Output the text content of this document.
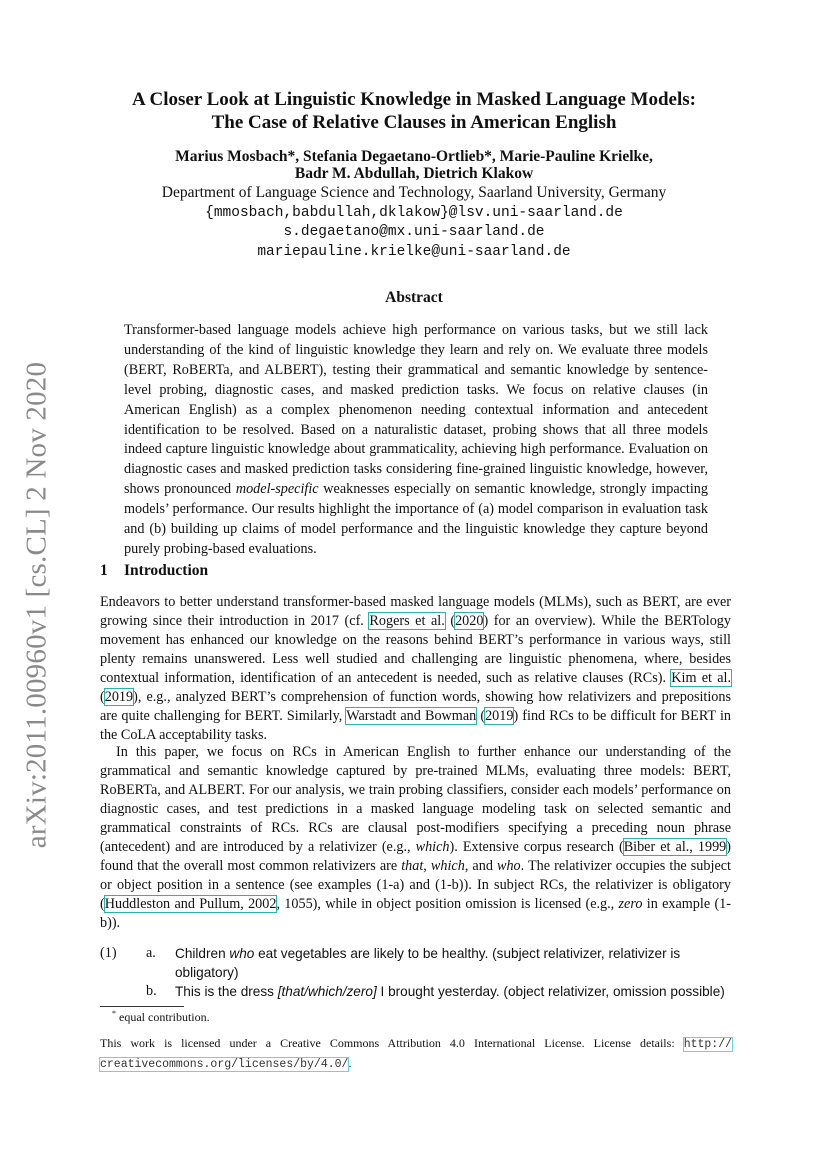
arXiv:2011.00960v1 [cs.CL] 2 Nov 2020
A Closer Look at Linguistic Knowledge in Masked Language Models:
The Case of Relative Clauses in American English
Marius Mosbach*, Stefania Degaetano-Ortlieb*, Marie-Pauline Krielke,
Badr M. Abdullah, Dietrich Klakow
Department of Language Science and Technology, Saarland University, Germany
{mmosbach,babdullah,dklakow}@lsv.uni-saarland.de
s.degaetano@mx.uni-saarland.de
mariepauline.krielke@uni-saarland.de
Abstract

Transformer-based language models achieve high performance on various tasks, but we still lack understanding of the kind of linguistic knowledge they learn and rely on. We evaluate three models (BERT, RoBERTa, and ALBERT), testing their grammatical and semantic knowledge by sentence-level probing, diagnostic cases, and masked prediction tasks. We focus on relative clauses (in American English) as a complex phenomenon needing contextual information and antecedent identification to be resolved. Based on a naturalistic dataset, probing shows that all three models indeed capture linguistic knowledge about grammaticality, achieving high performance. Evaluation on diagnostic cases and masked prediction tasks considering fine-grained linguistic knowledge, however, shows pronounced model-specific weaknesses especially on semantic knowledge, strongly impacting models’ performance. Our results highlight the importance of (a) model comparison in evaluation task and (b) building up claims of model performance and the linguistic knowledge they capture beyond purely probing-based evaluations.

1 Introduction

Endeavors to better understand transformer-based masked language models (MLMs), such as BERT, are ever growing since their introduction in 2017 (cf. Rogers et al. (2020) for an overview). While the BERTology movement has enhanced our knowledge on the reasons behind BERT’s performance in various ways, still plenty remains unanswered. Less well studied and challenging are linguistic phenomena, where, besides contextual information, identification of an antecedent is needed, such as relative clauses (RCs). Kim et al. (2019), e.g., analyzed BERT’s comprehension of function words, showing how relativizers and prepositions are quite challenging for BERT. Similarly, Warstadt and Bowman (2019) find RCs to be difficult for BERT in the CoLA acceptability tasks.

In this paper, we focus on RCs in American English to further enhance our understanding of the grammatical and semantic knowledge captured by pre-trained MLMs, evaluating three models: BERT, RoBERTa, and ALBERT. For our analysis, we train probing classifiers, consider each models’ performance on diagnostic cases, and test predictions in a masked language modeling task on selected semantic and grammatical constraints of RCs. RCs are clausal post-modifiers specifying a preceding noun phrase (antecedent) and are introduced by a relativizer (e.g., which). Extensive corpus research (Biber et al., 1999) found that the overall most common relativizers are that, which, and who. The relativizer occupies the subject or object position in a sentence (see examples (1-a) and (1-b)). In subject RCs, the relativizer is obligatory (Huddleston and Pullum, 2002, 1055), while in object position omission is licensed (e.g., zero in example (1-b)).

(1) a. Children who eat vegetables are likely to be healthy. (subject relativizer, relativizer is obligatory)
b. This is the dress [that/which/zero] I brought yesterday. (object relativizer, omission possible)
* equal contribution.

This work is licensed under a Creative Commons Attribution 4.0 International License. License details: http:// creativecommons.org/licenses/by/4.0/.
